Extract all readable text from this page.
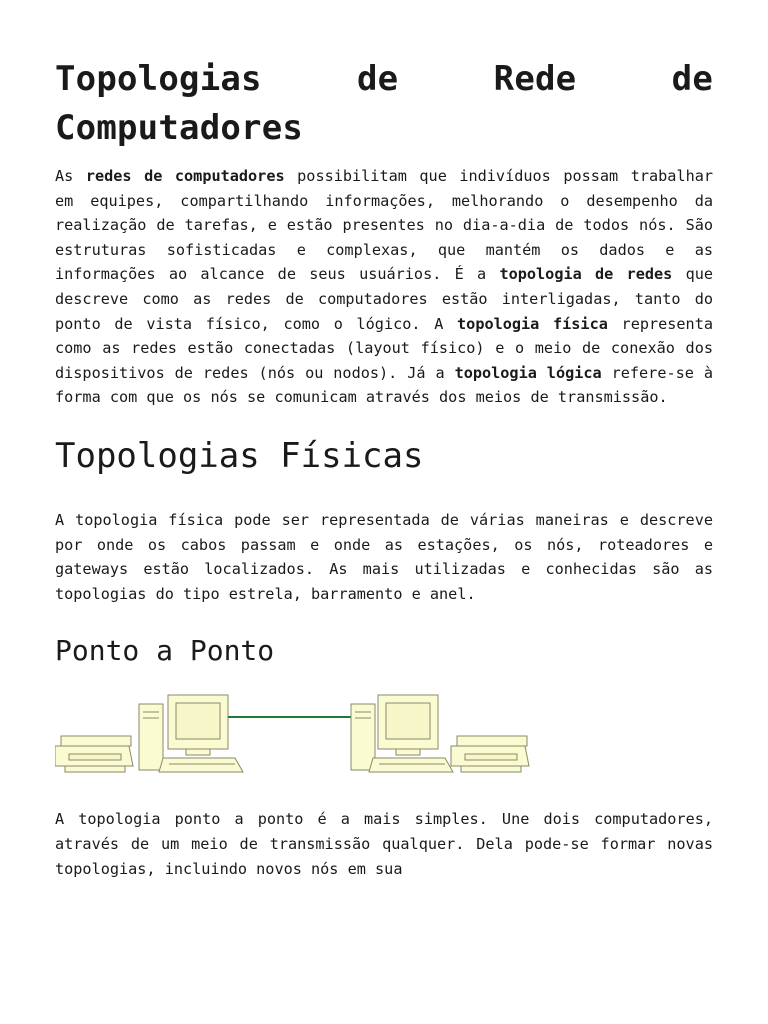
Topologias de Rede de Computadores

As redes de computadores possibilitam que indivíduos possam trabalhar em equipes, compartilhando informações, melhorando o desempenho da realização de tarefas, e estão presentes no dia-a-dia de todos nós. São estruturas sofisticadas e complexas, que mantém os dados e as informações ao alcance de seus usuários. É a topologia de redes que descreve como as redes de computadores estão interligadas, tanto do ponto de vista físico, como o lógico. A topologia física representa como as redes estão conectadas (layout físico) e o meio de conexão dos dispositivos de redes (nós ou nodos). Já a topologia lógica refere-se à forma com que os nós se comunicam através dos meios de transmissão.

Topologias Físicas

A topologia física pode ser representada de várias maneiras e descreve por onde os cabos passam e onde as estações, os nós, roteadores e gateways estão localizados. As mais utilizadas e conhecidas são as topologias do tipo estrela, barramento e anel.

Ponto a Ponto

A topologia ponto a ponto é a mais simples. Une dois computadores, através de um meio de transmissão qualquer. Dela pode-se formar novas topologias, incluindo novos nós em sua
